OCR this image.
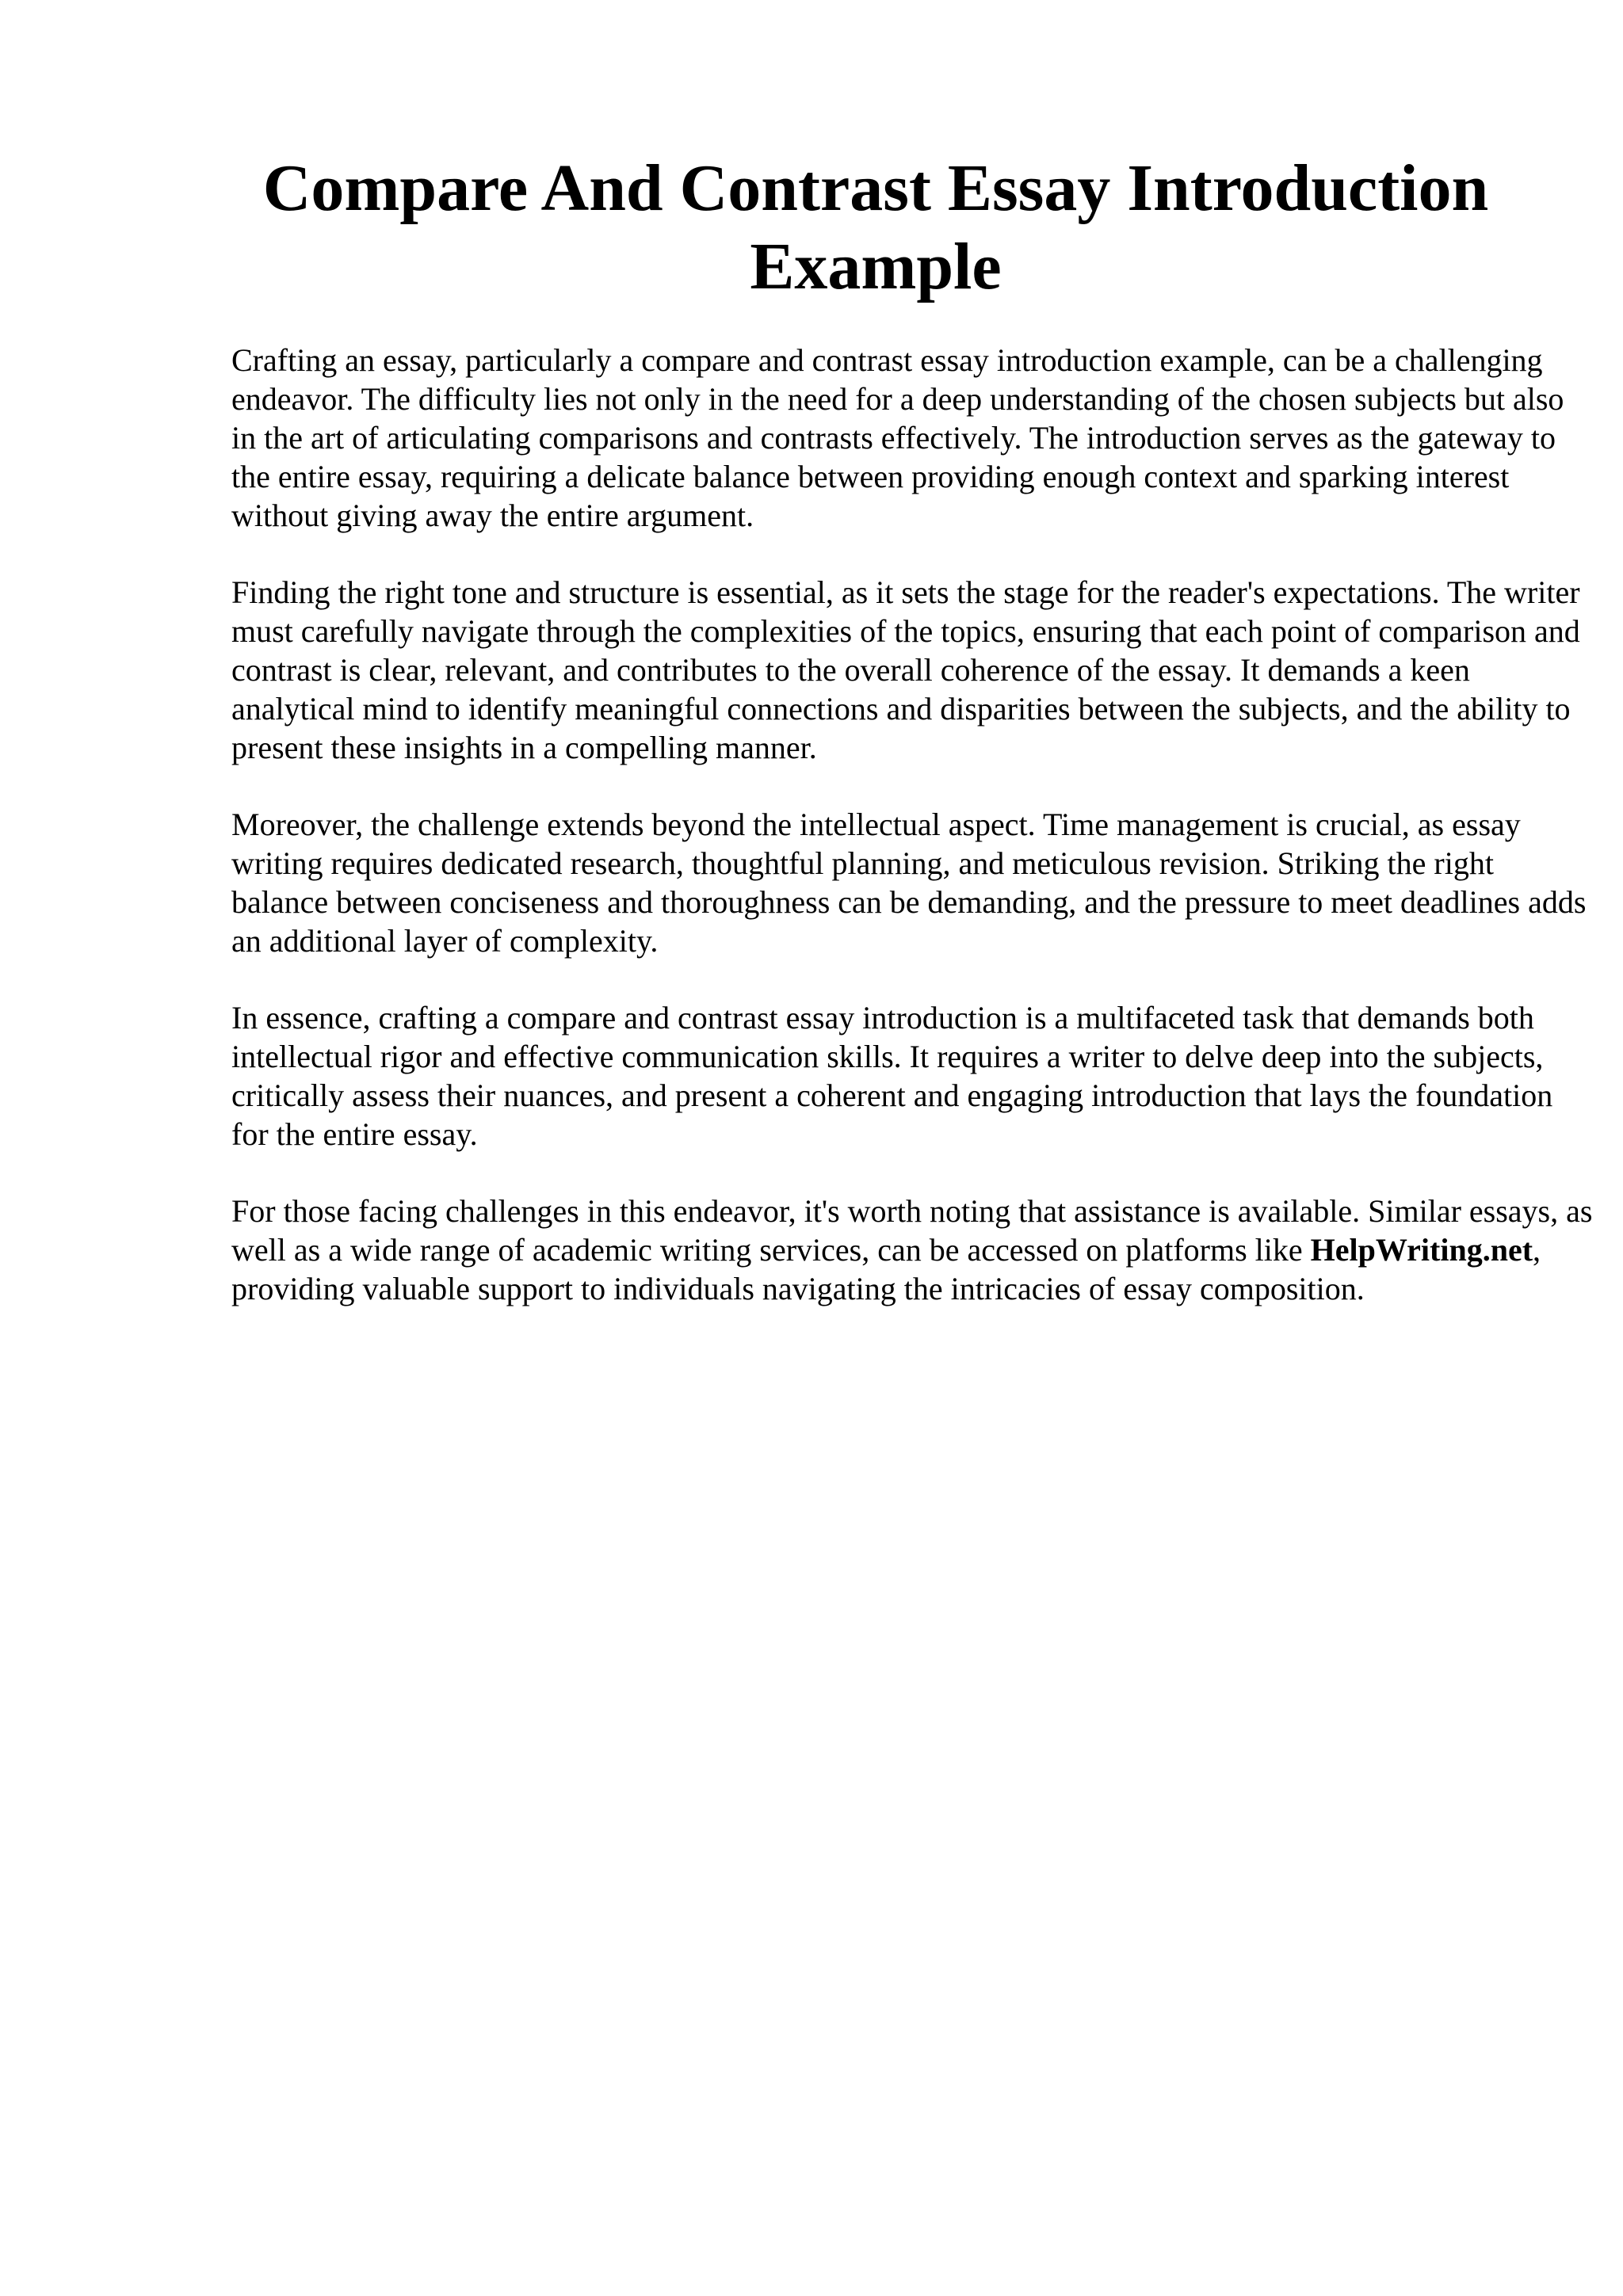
Compare And Contrast Essay Introduction Example

Crafting an essay, particularly a compare and contrast essay introduction example, can be a challenging endeavor. The difficulty lies not only in the need for a deep understanding of the chosen subjects but also in the art of articulating comparisons and contrasts effectively. The introduction serves as the gateway to the entire essay, requiring a delicate balance between providing enough context and sparking interest without giving away the entire argument.

Finding the right tone and structure is essential, as it sets the stage for the reader's expectations. The writer must carefully navigate through the complexities of the topics, ensuring that each point of comparison and contrast is clear, relevant, and contributes to the overall coherence of the essay. It demands a keen analytical mind to identify meaningful connections and disparities between the subjects, and the ability to present these insights in a compelling manner.

Moreover, the challenge extends beyond the intellectual aspect. Time management is crucial, as essay writing requires dedicated research, thoughtful planning, and meticulous revision. Striking the right balance between conciseness and thoroughness can be demanding, and the pressure to meet deadlines adds an additional layer of complexity.

In essence, crafting a compare and contrast essay introduction is a multifaceted task that demands both intellectual rigor and effective communication skills. It requires a writer to delve deep into the subjects, critically assess their nuances, and present a coherent and engaging introduction that lays the foundation for the entire essay.

For those facing challenges in this endeavor, it's worth noting that assistance is available. Similar essays, as well as a wide range of academic writing services, can be accessed on platforms like HelpWriting.net, providing valuable support to individuals navigating the intricacies of essay composition.
